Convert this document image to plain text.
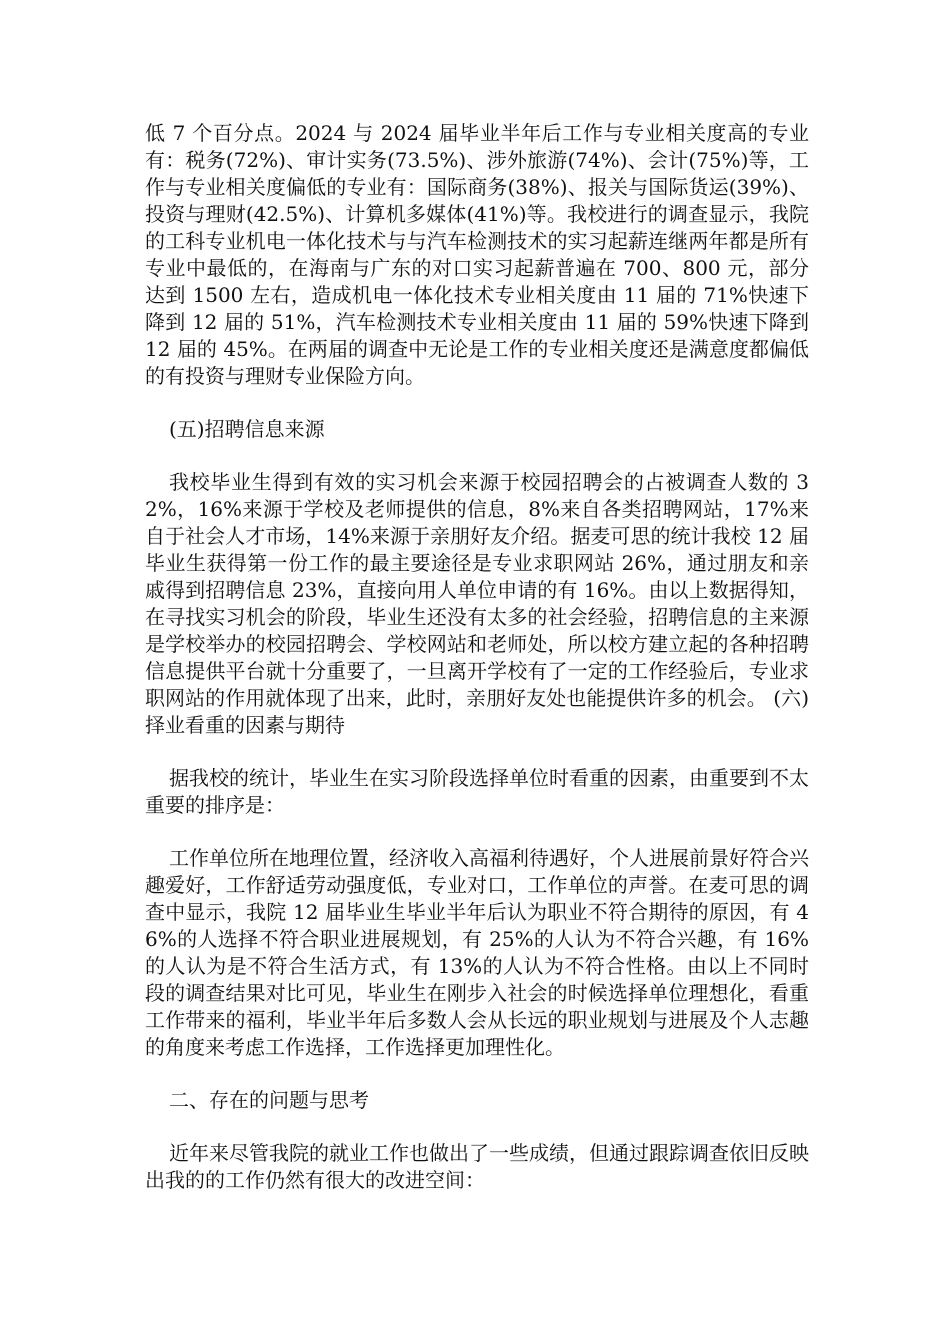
低 7 个百分点。2024 与 2024 届毕业半年后工作与专业相关度高的专业有：税务(72%)、审计实务(73.5%)、涉外旅游(74%)、会计(75%)等，工作与专业相关度偏低的专业有：国际商务(38%)、报关与国际货运(39%)、投资与理财(42.5%)、计算机多媒体(41%)等。我校进行的调查显示，我院的工科专业机电一体化技术与与汽车检测技术的实习起薪连继两年都是所有专业中最低的，在海南与广东的对口实习起薪普遍在 700、800 元，部分达到 1500 左右，造成机电一体化技术专业相关度由 11 届的 71%快速下降到 12 届的 51%，汽车检测技术专业相关度由 11 届的 59%快速下降到 12 届的 45%。在两届的调查中无论是工作的专业相关度还是满意度都偏低的有投资与理财专业保险方向。

(五)招聘信息来源

我校毕业生得到有效的实习机会来源于校园招聘会的占被调查人数的 32%，16%来源于学校及老师提供的信息，8%来自各类招聘网站，17%来自于社会人才市场，14%来源于亲朋好友介绍。据麦可思的统计我校 12 届毕业生获得第一份工作的最主要途径是专业求职网站 26%，通过朋友和亲戚得到招聘信息 23%，直接向用人单位申请的有 16%。由以上数据得知，在寻找实习机会的阶段，毕业生还没有太多的社会经验，招聘信息的主来源是学校举办的校园招聘会、学校网站和老师处，所以校方建立起的各种招聘信息提供平台就十分重要了，一旦离开学校有了一定的工作经验后，专业求职网站的作用就体现了出来，此时，亲朋好友处也能提供许多的机会。 (六)择业看重的因素与期待

据我校的统计，毕业生在实习阶段选择单位时看重的因素，由重要到不太重要的排序是：

工作单位所在地理位置，经济收入高福利待遇好，个人进展前景好符合兴趣爱好，工作舒适劳动强度低，专业对口，工作单位的声誉。在麦可思的调查中显示，我院 12 届毕业生毕业半年后认为职业不符合期待的原因，有 46%的人选择不符合职业进展规划，有 25%的人认为不符合兴趣，有 16%的人认为是不符合生活方式，有 13%的人认为不符合性格。由以上不同时段的调查结果对比可见，毕业生在刚步入社会的时候选择单位理想化，看重工作带来的福利，毕业半年后多数人会从长远的职业规划与进展及个人志趣的角度来考虑工作选择，工作选择更加理性化。

二、存在的问题与思考

近年来尽管我院的就业工作也做出了一些成绩，但通过跟踪调查依旧反映出我的的工作仍然有很大的改进空间：
